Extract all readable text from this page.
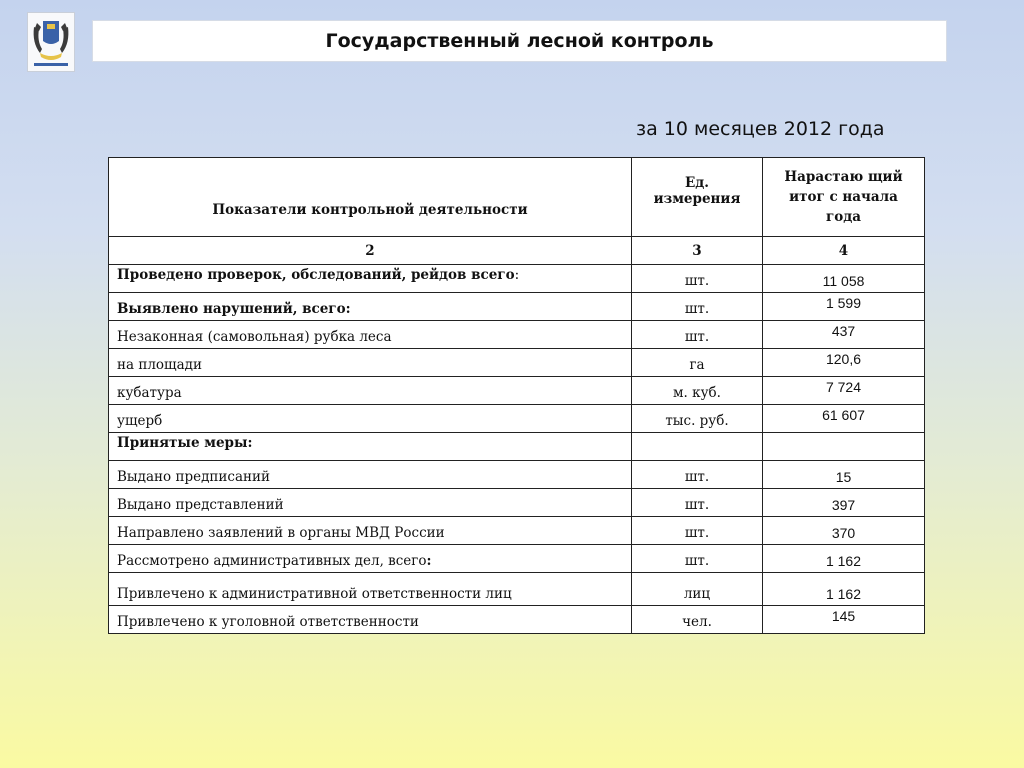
Государственный лесной контроль
за 10 месяцев 2012 года
Показатели контрольной деятельности	Ед. измерения	Нарастаю щий итог с начала года
2	3	4
Проведено проверок, обследований, рейдов всего:	шт.	11 058
Выявлено нарушений, всего:	шт.	1 599
Незаконная (самовольная) рубка леса	шт.	437
на площади	га	120,6
кубатура	м. куб.	7 724
ущерб	тыс. руб.	61 607
Принятые меры:		
Выдано предписаний	шт.	15
Выдано представлений	шт.	397
Направлено заявлений в органы МВД России	шт.	370
Рассмотрено административных дел, всего:	шт.	1 162
Привлечено к административной ответственности лиц	лиц	1 162
Привлечено к уголовной ответственности	чел.	145
